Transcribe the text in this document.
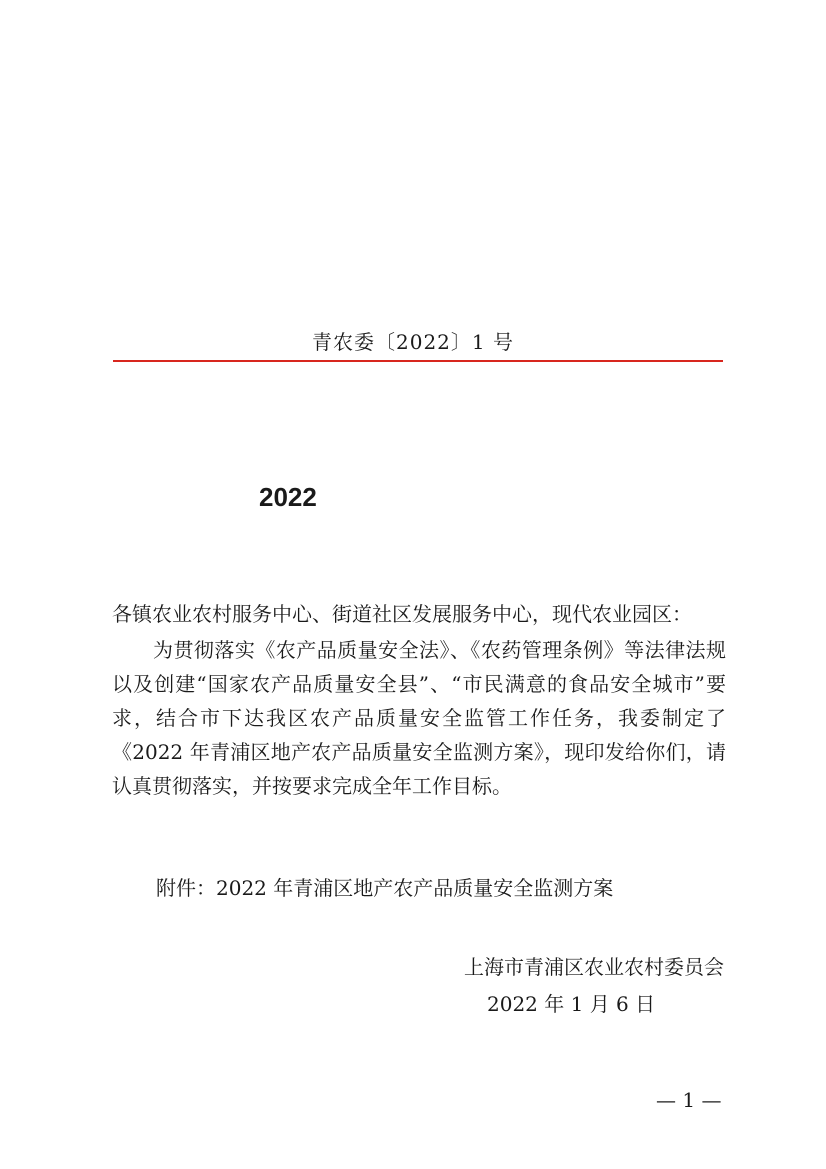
青农委〔2022〕1 号

2022

各镇农业农村服务中心、街道社区发展服务中心，现代农业园区：

为贯彻落实《农产品质量安全法》、《农药管理条例》等法律法规以及创建“国家农产品质量安全县”、“市民满意的食品安全城市”要求，结合市下达我区农产品质量安全监管工作任务，我委制定了《2022 年青浦区地产农产品质量安全监测方案》，现印发给你们，请认真贯彻落实，并按要求完成全年工作目标。

附件：2022 年青浦区地产农产品质量安全监测方案

上海市青浦区农业农村委员会

2022 年 1 月 6 日

— 1 —
